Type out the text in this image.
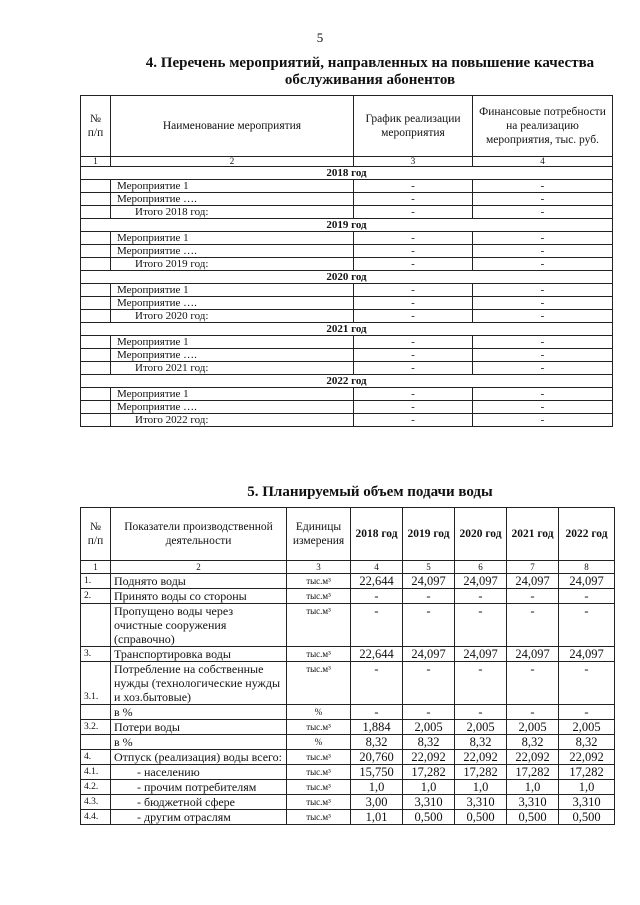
5
4. Перечень мероприятий, направленных на повышение качества обслуживания абонентов
№ п/п	Наименование мероприятия	График реализации мероприятия	Финансовые потребности на реализацию мероприятия, тыс. руб.
1	2	3	4
2018 год			
	Мероприятие 1	-	-
	Мероприятие ….	-	-
	Итого 2018 год:	-	-
2019 год			
	Мероприятие 1	-	-
	Мероприятие ….	-	-
	Итого 2019 год:	-	-
2020 год			
	Мероприятие 1	-	-
	Мероприятие ….	-	-
	Итого 2020 год:	-	-
2021 год			
	Мероприятие 1	-	-
	Мероприятие ….	-	-
	Итого 2021 год:	-	-
2022 год			
	Мероприятие 1	-	-
	Мероприятие ….	-	-
	Итого 2022 год:	-	-
5. Планируемый объем подачи воды
№ п/п	Показатели производственной деятельности	Единицы измерения	2018 год	2019 год	2020 год	2021 год	2022 год
1	2	3	4	5	6	7	8
1.	Поднято воды	тыс.м³	22,644	24,097	24,097	24,097	24,097
2.	Принято воды со стороны	тыс.м³	-	-	-	-	-
	Пропущено воды через очистные сооружения (справочно)	тыс.м³	-	-	-	-	-
3.	Транспортировка воды	тыс.м³	22,644	24,097	24,097	24,097	24,097
3.1.	Потребление на собственные нужды (технологические нужды и хоз.бытовые)	тыс.м³	-	-	-	-	-
	в %	%	-	-	-	-	-
3.2.	Потери воды	тыс.м³	1,884	2,005	2,005	2,005	2,005
	в %	%	8,32	8,32	8,32	8,32	8,32
4.	Отпуск (реализация) воды всего:	тыс.м³	20,760	22,092	22,092	22,092	22,092
4.1.	- населению	тыс.м³	15,750	17,282	17,282	17,282	17,282
4.2.	- прочим потребителям	тыс.м³	1,0	1,0	1,0	1,0	1,0
4.3.	- бюджетной сфере	тыс.м³	3,00	3,310	3,310	3,310	3,310
4.4.	- другим отраслям	тыс.м³	1,01	0,500	0,500	0,500	0,500
